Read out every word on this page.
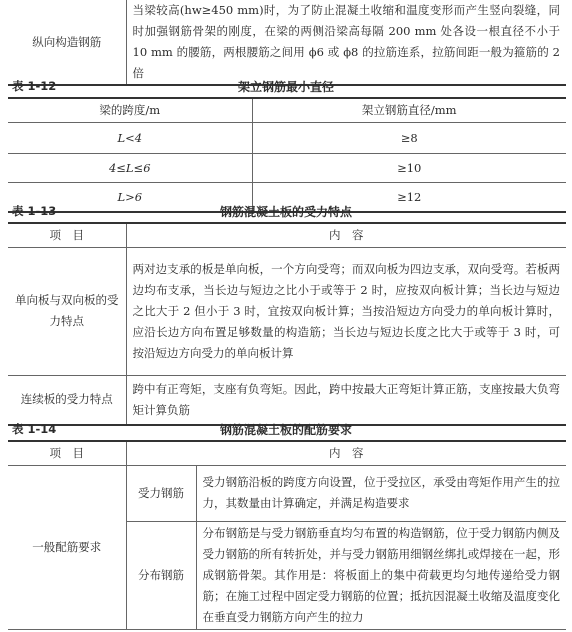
纵向构造钢筋	当梁较高(hw≥450 mm)时，为了防止混凝土收缩和温度变形而产生竖向裂缝，同时加强钢筋骨架的刚度，在梁的两侧沿梁高每隔 200 mm 处各设一根直径不小于 10 mm 的腰筋，两根腰筋之间用 ϕ6 或 ϕ8 的拉筋连系，拉筋间距一般为箍筋的 2 倍
表 1-12	架立钢筋最小直径
梁的跨度/m	架立钢筋直径/mm
L<4	≥8
4≤L≤6	≥10
L>6	≥12
表 1-13	钢筋混凝土板的受力特点
项　目	内　容
单向板与双向板的受力特点	两对边支承的板是单向板，一个方向受弯；而双向板为四边支承，双向受弯。若板两边均布支承，当长边与短边之比小于或等于 2 时，应按双向板计算；当长边与短边之比大于 2 但小于 3 时，宜按双向板计算；当按沿短边方向受力的单向板计算时，应沿长边方向布置足够数量的构造筋；当长边与短边长度之比大于或等于 3 时，可按沿短边方向受力的单向板计算
连续板的受力特点	跨中有正弯矩，支座有负弯矩。因此，跨中按最大正弯矩计算正筋，支座按最大负弯矩计算负筋
表 1-14	钢筋混凝土板的配筋要求
项　目	内　容	
一般配筋要求	受力钢筋	受力钢筋沿板的跨度方向设置，位于受拉区，承受由弯矩作用产生的拉力，其数量由计算确定，并满足构造要求
	分布钢筋	分布钢筋是与受力钢筋垂直均匀布置的构造钢筋，位于受力钢筋内侧及受力钢筋的所有转折处，并与受力钢筋用细钢丝绑扎或焊接在一起，形成钢筋骨架。其作用是：将板面上的集中荷载更均匀地传递给受力钢筋；在施工过程中固定受力钢筋的位置；抵抗因混凝土收缩及温度变化在垂直受力钢筋方向产生的拉力
